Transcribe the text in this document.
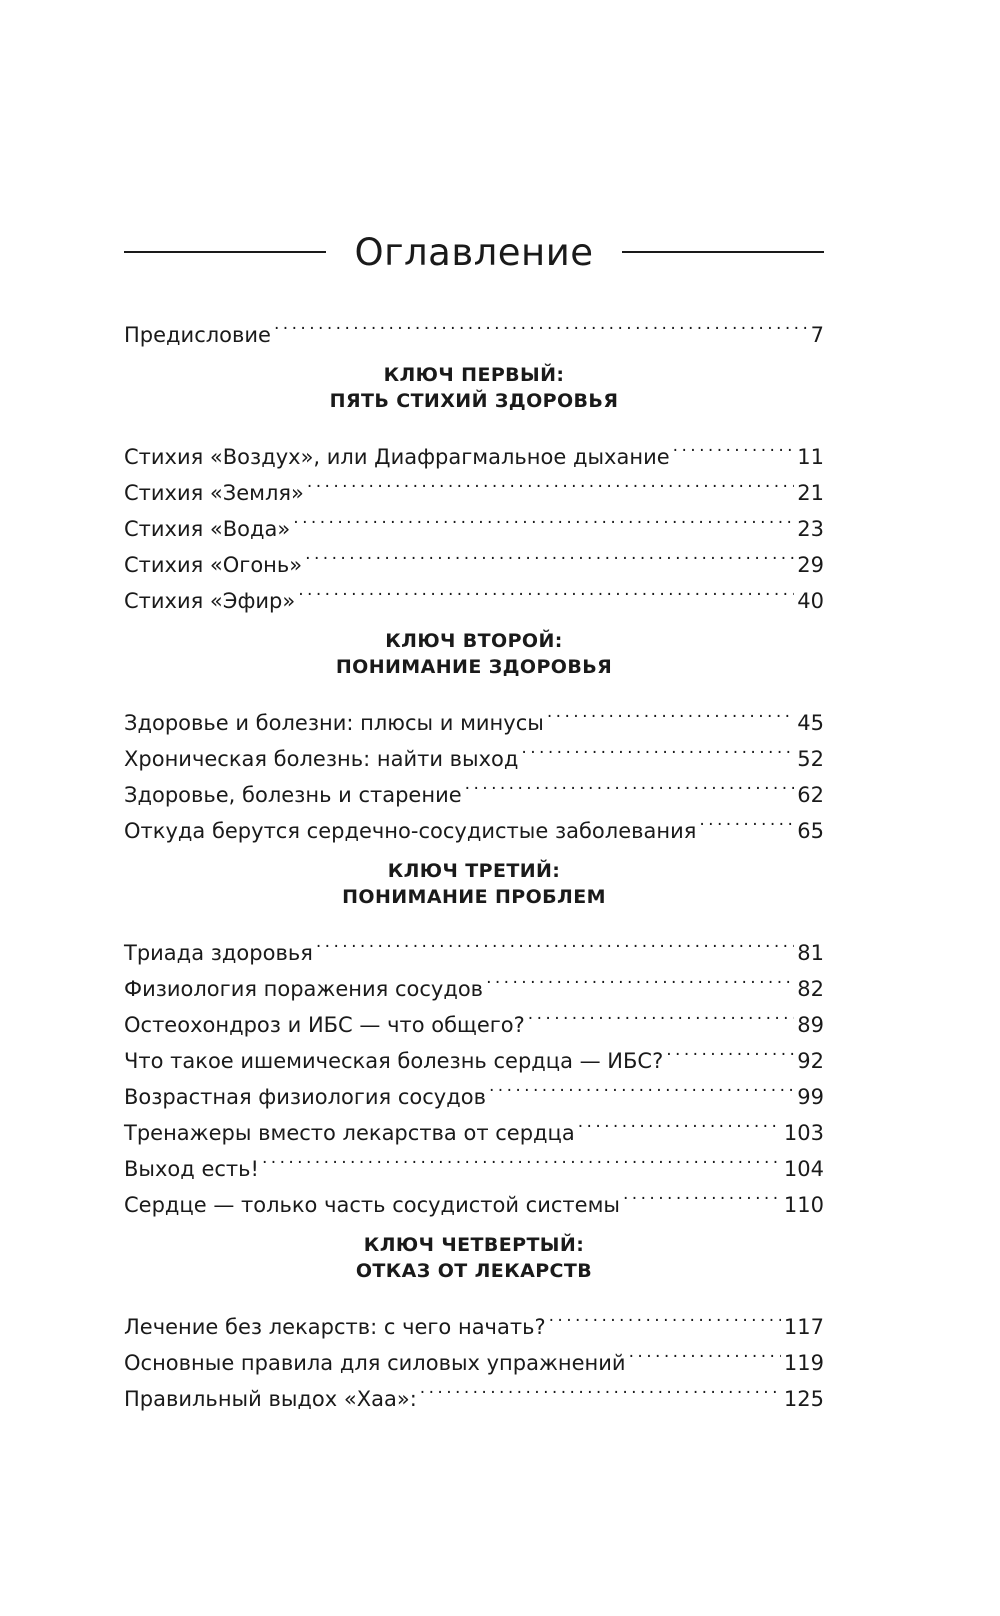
Оглавление
Предисловие . . .	7
КЛЮЧ ПЕРВЫЙ:
ПЯТЬ СТИХИЙ ЗДОРОВЬЯ
Стихия «Воздух», или Диафрагмальное дыхание . . .	11
Стихия «Земля» . . .	21
Стихия «Вода» . . .	23
Стихия «Огонь» . . .	29
Стихия «Эфир» . . .	40
КЛЮЧ ВТОРОЙ:
ПОНИМАНИЕ ЗДОРОВЬЯ
Здоровье и болезни: плюсы и минусы . . .	45
Хроническая болезнь: найти выход . . .	52
Здоровье, болезнь и старение . . .	62
Откуда берутся сердечно-сосудистые заболевания . . .	65
КЛЮЧ ТРЕТИЙ:
ПОНИМАНИЕ ПРОБЛЕМ
Триада здоровья . . .	81
Физиология поражения сосудов . . .	82
Остеохондроз и ИБС — что общего? . . .	89
Что такое ишемическая болезнь сердца — ИБС? . . .	92
Возрастная физиология сосудов . . .	99
Тренажеры вместо лекарства от сердца . . .	103
Выход есть! . . .	104
Сердце — только часть сосудистой системы . . .	110
КЛЮЧ ЧЕТВЕРТЫЙ:
ОТКАЗ ОТ ЛЕКАРСТВ
Лечение без лекарств: с чего начать? . . .	117
Основные правила для силовых упражнений . . .	119
Правильный выдох «Хаа»: . . .	125
